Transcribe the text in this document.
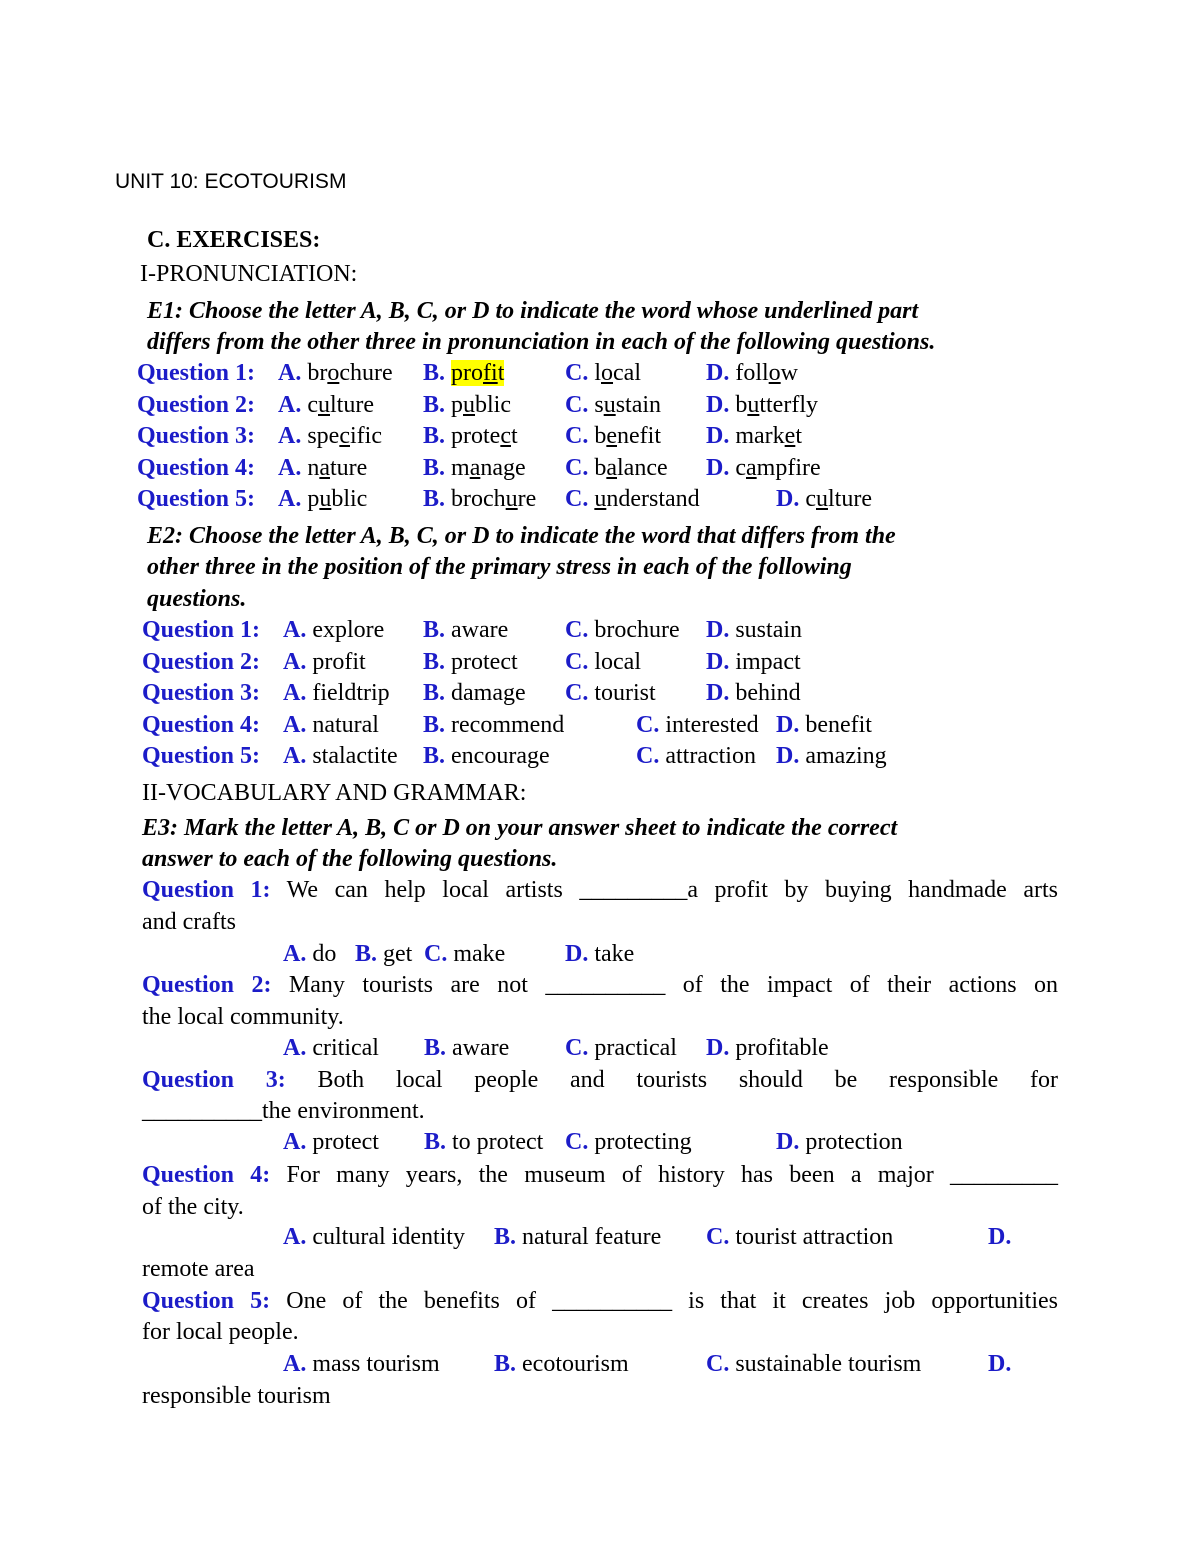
UNIT 10: ECOTOURISM
C. EXERCISES:
I-PRONUNCIATION:
E1: Choose the letter A, B, C, or D to indicate the word whose underlined part
differs from the other three in pronunciation in each of the following questions.
Question 1: A. brochure B. profit	C. local	D. follow
Question 2: A. culture B. public C. sustain D. butterfly
Question 3: A. specific B. protect C. benefit D. market
Question 4: A. nature B. manage C. balance D. campfire
Question 5: A. public B. brochure C. understand	D. culture
E2: Choose the letter A, B, C, or D to indicate the word that differs from the
other three in the position of the primary stress in each of the following
questions.
Question 1: A. explore B. aware C. brochure D. sustain
Question 2: A. profit B. protect C. local	D. impact
Question 3: A. fieldtrip B. damage C. tourist D. behind
Question 4: A. natural B. recommend	C. interested D. benefit
Question 5: A. stalactite B. encourage	C. attraction D. amazing
II-VOCABULARY AND GRAMMAR:
E3: Mark the letter A, B, C or D on your answer sheet to indicate the correct
answer to each of the following questions.
Question 1: We can help local artists _________a profit by buying handmade arts
and crafts
A. do B. get C. make D. take
Question 2: Many tourists are not __________ of the impact of their actions on
the local community.
A. critical B. aware C. practical D. profitable
Question 3: Both local people and tourists should be responsible for
__________the environment.
A. protect B. to protect C. protecting	D. protection
Question 4: For many years, the museum of history has been a major _________
of the city.
A. cultural identity B. natural feature C. tourist attraction	D.
remote area
Question 5: One of the benefits of __________ is that it creates job opportunities
for local people.
A. mass tourism B. ecotourism	C. sustainable tourism	D.
responsible tourism
